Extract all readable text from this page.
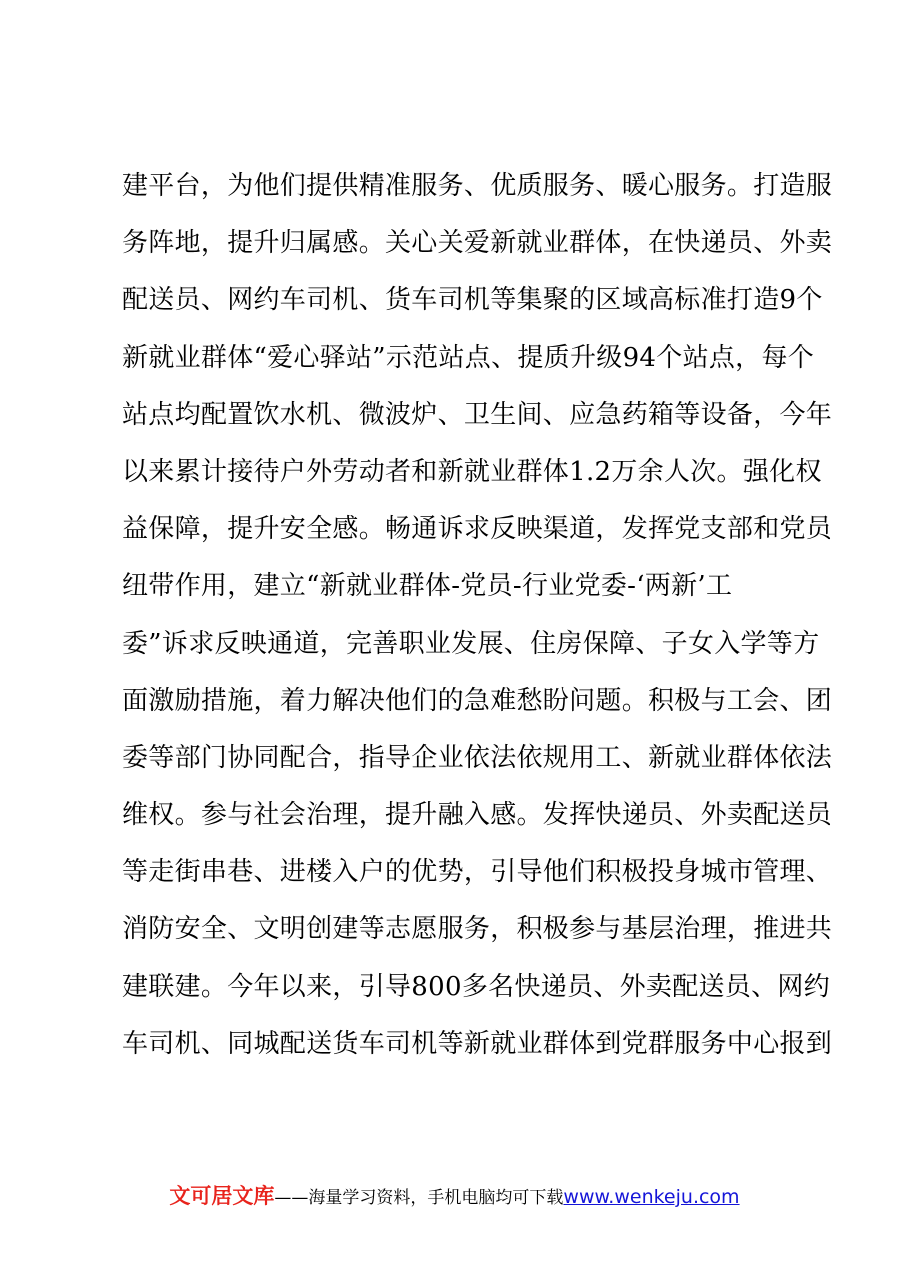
建平台，为他们提供精准服务、优质服务、暖心服务。打造服
务阵地，提升归属感。关心关爱新就业群体，在快递员、外卖
配送员、网约车司机、货车司机等集聚的区域高标准打造9个
新就业群体“爱心驿站”示范站点、提质升级94个站点，每个
站点均配置饮水机、微波炉、卫生间、应急药箱等设备，今年
以来累计接待户外劳动者和新就业群体1.2万余人次。强化权
益保障，提升安全感。畅通诉求反映渠道，发挥党支部和党员
纽带作用，建立“新就业群体-党员-行业党委-‘两新’工
委”诉求反映通道，完善职业发展、住房保障、子女入学等方
面激励措施，着力解决他们的急难愁盼问题。积极与工会、团
委等部门协同配合，指导企业依法依规用工、新就业群体依法
维权。参与社会治理，提升融入感。发挥快递员、外卖配送员
等走街串巷、进楼入户的优势，引导他们积极投身城市管理、
消防安全、文明创建等志愿服务，积极参与基层治理，推进共
建联建。今年以来，引导800多名快递员、外卖配送员、网约
车司机、同城配送货车司机等新就业群体到党群服务中心报到
文可居文库——海量学习资料，手机电脑均可下载www.wenkeju.com
